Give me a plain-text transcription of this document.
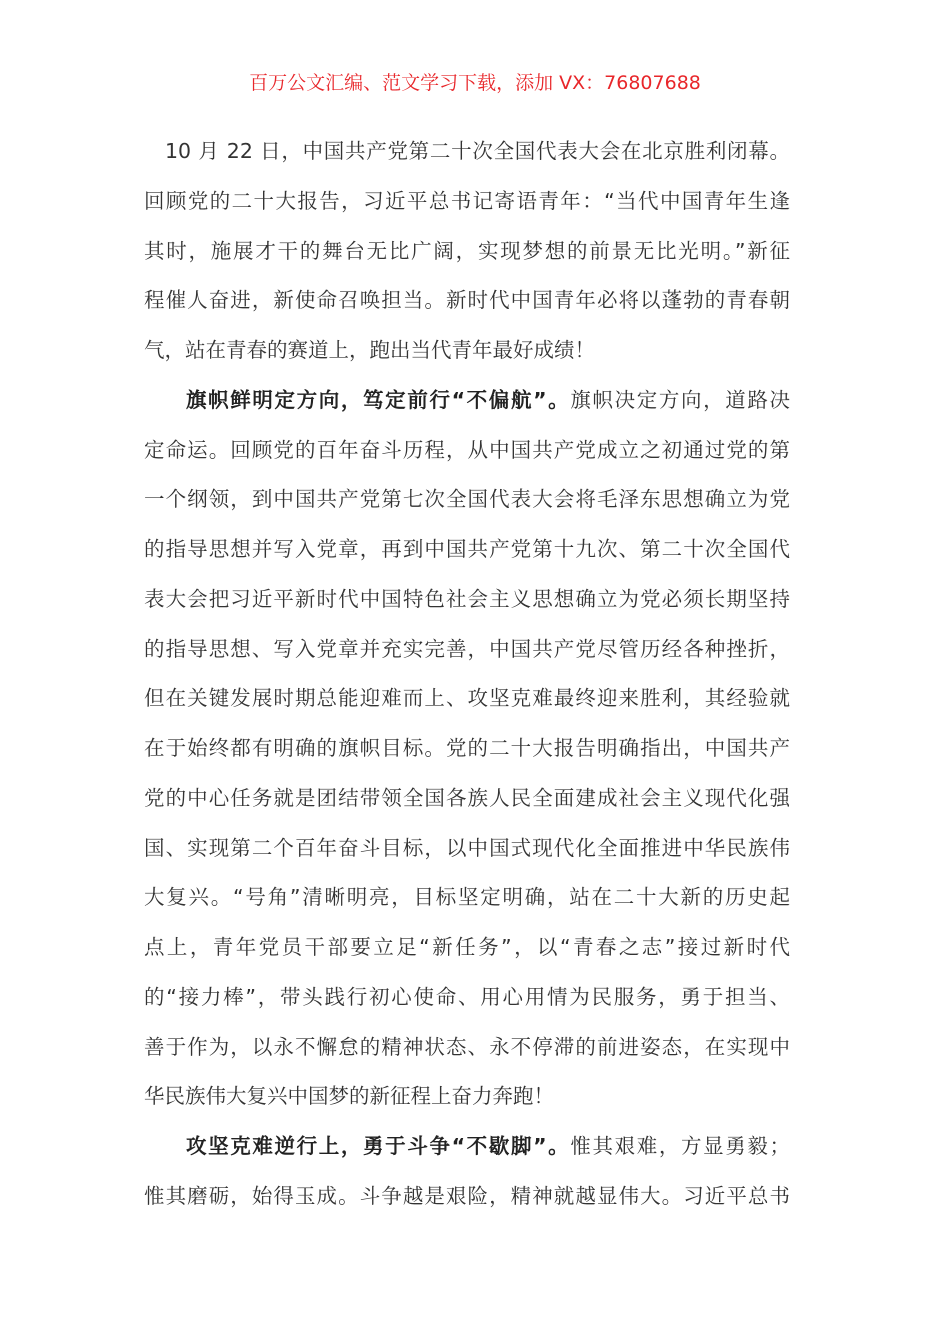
百万公文汇编、范文学习下载，添加 VX：76807688
10 月 22 日，中国共产党第二十次全国代表大会在北京胜利闭幕。
回顾党的二十大报告，习近平总书记寄语青年：“当代中国青年生逢
其时，施展才干的舞台无比广阔，实现梦想的前景无比光明。”新征
程催人奋进，新使命召唤担当。新时代中国青年必将以蓬勃的青春朝
气，站在青春的赛道上，跑出当代青年最好成绩！
旗帜鲜明定方向，笃定前行“不偏航”。旗帜决定方向，道路决
定命运。回顾党的百年奋斗历程，从中国共产党成立之初通过党的第
一个纲领，到中国共产党第七次全国代表大会将毛泽东思想确立为党
的指导思想并写入党章，再到中国共产党第十九次、第二十次全国代
表大会把习近平新时代中国特色社会主义思想确立为党必须长期坚持
的指导思想、写入党章并充实完善，中国共产党尽管历经各种挫折，
但在关键发展时期总能迎难而上、攻坚克难最终迎来胜利，其经验就
在于始终都有明确的旗帜目标。党的二十大报告明确指出，中国共产
党的中心任务就是团结带领全国各族人民全面建成社会主义现代化强
国、实现第二个百年奋斗目标，以中国式现代化全面推进中华民族伟
大复兴。“号角”清晰明亮，目标坚定明确，站在二十大新的历史起
点上，青年党员干部要立足“新任务”，以“青春之志”接过新时代
的“接力棒”，带头践行初心使命、用心用情为民服务，勇于担当、
善于作为，以永不懈怠的精神状态、永不停滞的前进姿态，在实现中
华民族伟大复兴中国梦的新征程上奋力奔跑！
攻坚克难逆行上，勇于斗争“不歇脚”。惟其艰难，方显勇毅；
惟其磨砺，始得玉成。斗争越是艰险，精神就越显伟大。习近平总书
